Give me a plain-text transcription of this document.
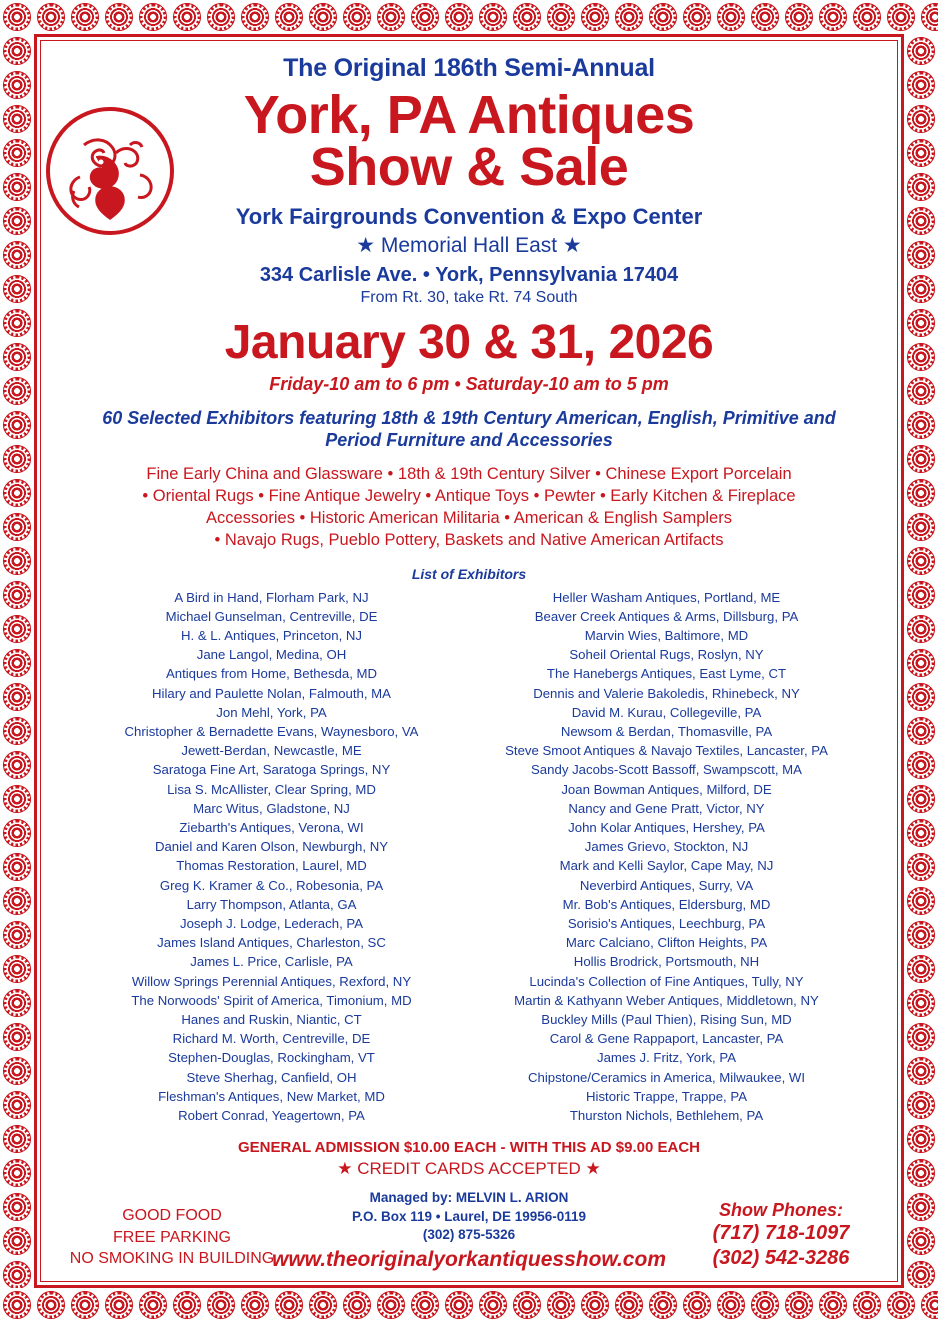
The Original 186th Semi-Annual
York, PA Antiques
Show & Sale
York Fairgrounds Convention & Expo Center
★ Memorial Hall East ★
334 Carlisle Ave. • York, Pennsylvania 17404
From Rt. 30, take Rt. 74 South
January 30 & 31, 2026
Friday-10 am to 6 pm • Saturday-10 am to 5 pm
60 Selected Exhibitors featuring 18th & 19th Century American, English, Primitive and Period Furniture and Accessories
Fine Early China and Glassware • 18th & 19th Century Silver • Chinese Export Porcelain
• Oriental Rugs • Fine Antique Jewelry • Antique Toys • Pewter • Early Kitchen & Fireplace
Accessories • Historic American Militaria • American & English Samplers
• Navajo Rugs, Pueblo Pottery, Baskets and Native American Artifacts
List of Exhibitors
A Bird in Hand, Florham Park, NJ
Michael Gunselman, Centreville, DE
H. & L. Antiques, Princeton, NJ
Jane Langol, Medina, OH
Antiques from Home, Bethesda, MD
Hilary and Paulette Nolan, Falmouth, MA
Jon Mehl, York, PA
Christopher & Bernadette Evans, Waynesboro, VA
Jewett-Berdan, Newcastle, ME
Saratoga Fine Art, Saratoga Springs, NY
Lisa S. McAllister, Clear Spring, MD
Marc Witus, Gladstone, NJ
Ziebarth's Antiques, Verona, WI
Daniel and Karen Olson, Newburgh, NY
Thomas Restoration, Laurel, MD
Greg K. Kramer & Co., Robesonia, PA
Larry Thompson, Atlanta, GA
Joseph J. Lodge, Lederach, PA
James Island Antiques, Charleston, SC
James L. Price, Carlisle, PA
Willow Springs Perennial Antiques, Rexford, NY
The Norwoods' Spirit of America, Timonium, MD
Hanes and Ruskin, Niantic, CT
Richard M. Worth, Centreville, DE
Stephen-Douglas, Rockingham, VT
Steve Sherhag, Canfield, OH
Fleshman's Antiques, New Market, MD
Robert Conrad, Yeagertown, PA
Heller Washam Antiques, Portland, ME
Beaver Creek Antiques & Arms, Dillsburg, PA
Marvin Wies, Baltimore, MD
Soheil Oriental Rugs, Roslyn, NY
The Hanebergs Antiques, East Lyme, CT
Dennis and Valerie Bakoledis, Rhinebeck, NY
David M. Kurau, Collegeville, PA
Newsom & Berdan, Thomasville, PA
Steve Smoot Antiques & Navajo Textiles, Lancaster, PA
Sandy Jacobs-Scott Bassoff, Swampscott, MA
Joan Bowman Antiques, Milford, DE
Nancy and Gene Pratt, Victor, NY
John Kolar Antiques, Hershey, PA
James Grievo, Stockton, NJ
Mark and Kelli Saylor, Cape May, NJ
Neverbird Antiques, Surry, VA
Mr. Bob's Antiques, Eldersburg, MD
Sorisio's Antiques, Leechburg, PA
Marc Calciano, Clifton Heights, PA
Hollis Brodrick, Portsmouth, NH
Lucinda's Collection of Fine Antiques, Tully, NY
Martin & Kathyann Weber Antiques, Middletown, NY
Buckley Mills (Paul Thien), Rising Sun, MD
Carol & Gene Rappaport, Lancaster, PA
James J. Fritz, York, PA
Chipstone/Ceramics in America, Milwaukee, WI
Historic Trappe, Trappe, PA
Thurston Nichols, Bethlehem, PA
GENERAL ADMISSION $10.00 EACH - WITH THIS AD $9.00 EACH
★ CREDIT CARDS ACCEPTED ★
GOOD FOOD
FREE PARKING
NO SMOKING IN BUILDING
Managed by: MELVIN L. ARION
P.O. Box 119 • Laurel, DE 19956-0119
(302) 875-5326
www.theoriginalyorkantiquesshow.com
Show Phones:
(717) 718-1097
(302) 542-3286
